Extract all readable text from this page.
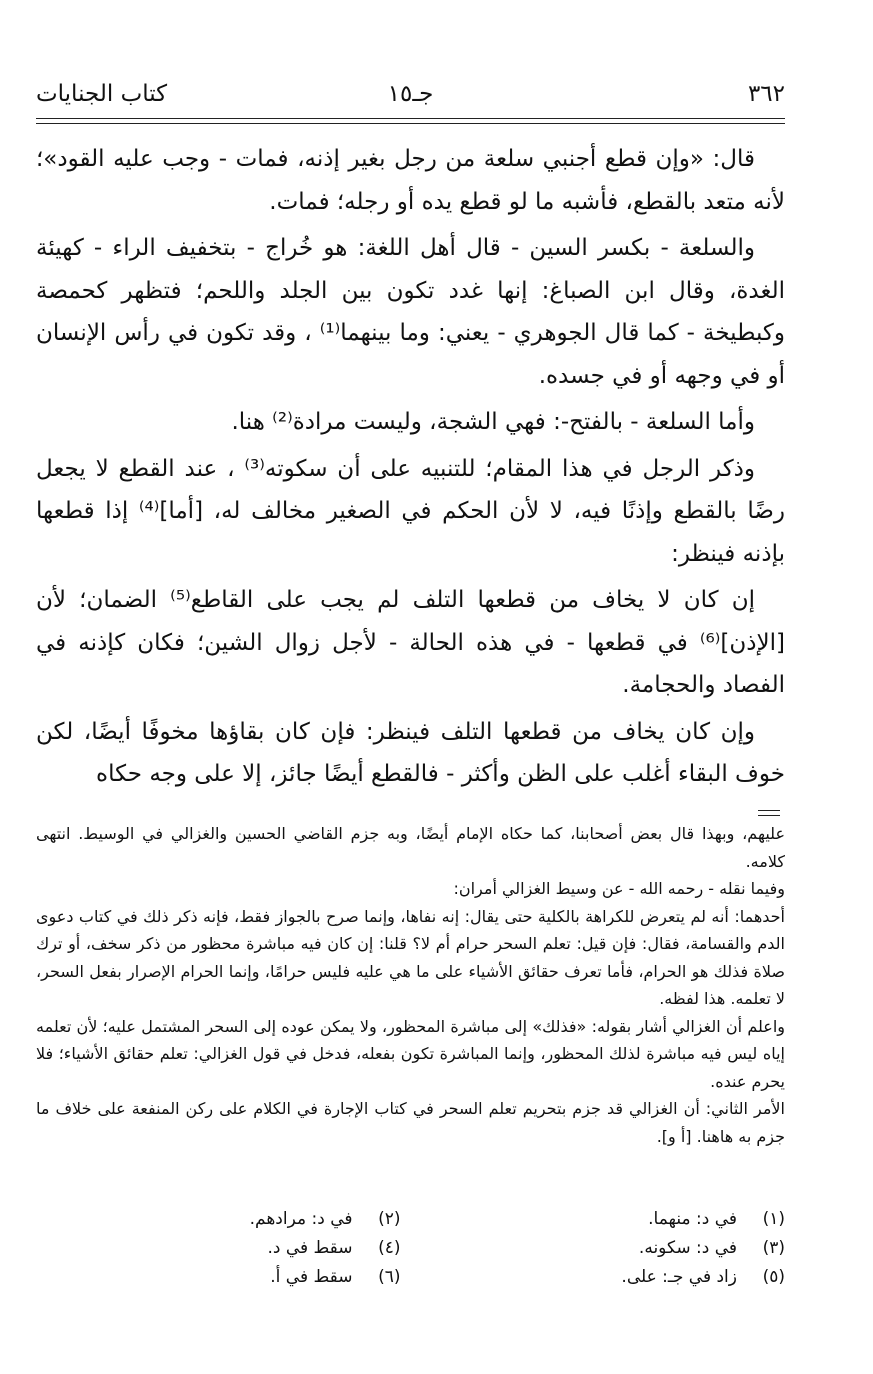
٣٦٢
جـ١٥
كتاب الجنايات

قال: «وإن قطع أجنبي سلعة من رجل بغير إذنه، فمات - وجب عليه القود»؛ لأنه متعد بالقطع، فأشبه ما لو قطع يده أو رجله؛ فمات.

والسلعة - بكسر السين - قال أهل اللغة: هو خُراج - بتخفيف الراء - كهيئة الغدة، وقال ابن الصباغ: إنها غدد تكون بين الجلد واللحم؛ فتظهر كحمصة وكبطيخة - كما قال الجوهري - يعني: وما بينهما⁽¹⁾ ، وقد تكون في رأس الإنسان أو في وجهه أو في جسده.

وأما السلعة - بالفتح-: فهي الشجة، وليست مرادة⁽²⁾ هنا.

وذكر الرجل في هذا المقام؛ للتنبيه على أن سكوته⁽³⁾ ، عند القطع لا يجعل رضًا بالقطع وإذنًا فيه، لا لأن الحكم في الصغير مخالف له، [أما]⁽⁴⁾ إذا قطعها بإذنه فينظر:

إن كان لا يخاف من قطعها التلف لم يجب على القاطع⁽⁵⁾ الضمان؛ لأن [الإذن]⁽⁶⁾ في قطعها - في هذه الحالة - لأجل زوال الشين؛ فكان كإذنه في الفصاد والحجامة.

وإن كان يخاف من قطعها التلف فينظر: فإن كان بقاؤها مخوفًا أيضًا، لكن خوف البقاء أغلب على الظن وأكثر - فالقطع أيضًا جائز، إلا على وجه حكاه

عليهم، وبهذا قال بعض أصحابنا، كما حكاه الإمام أيضًا، وبه جزم القاضي الحسين والغزالي في الوسيط. انتهى كلامه.

وفيما نقله - رحمه الله - عن وسيط الغزالي أمران:

أحدهما: أنه لم يتعرض للكراهة بالكلية حتى يقال: إنه نفاها، وإنما صرح بالجواز فقط، فإنه ذكر ذلك في كتاب دعوى الدم والقسامة، فقال: فإن قيل: تعلم السحر حرام أم لا؟ قلنا: إن كان فيه مباشرة محظور من ذكر سخف، أو ترك صلاة فذلك هو الحرام، فأما تعرف حقائق الأشياء على ما هي عليه فليس حرامًا، وإنما الحرام الإصرار بفعل السحر، لا تعلمه. هذا لفظه.

واعلم أن الغزالي أشار بقوله: «فذلك» إلى مباشرة المحظور، ولا يمكن عوده إلى السحر المشتمل عليه؛ لأن تعلمه إياه ليس فيه مباشرة لذلك المحظور، وإنما المباشرة تكون بفعله، فدخل في قول الغزالي: تعلم حقائق الأشياء؛ فلا يحرم عنده.

الأمر الثاني: أن الغزالي قد جزم بتحريم تعلم السحر في كتاب الإجارة في الكلام على ركن المنفعة على خلاف ما جزم به هاهنا. [أ و].

(١)في د: منهما.
(٢)في د: مرادهم.
(٣)في د: سكونه.
(٤)سقط في د.
(٥)زاد في جـ: على.
(٦)سقط في أ.
